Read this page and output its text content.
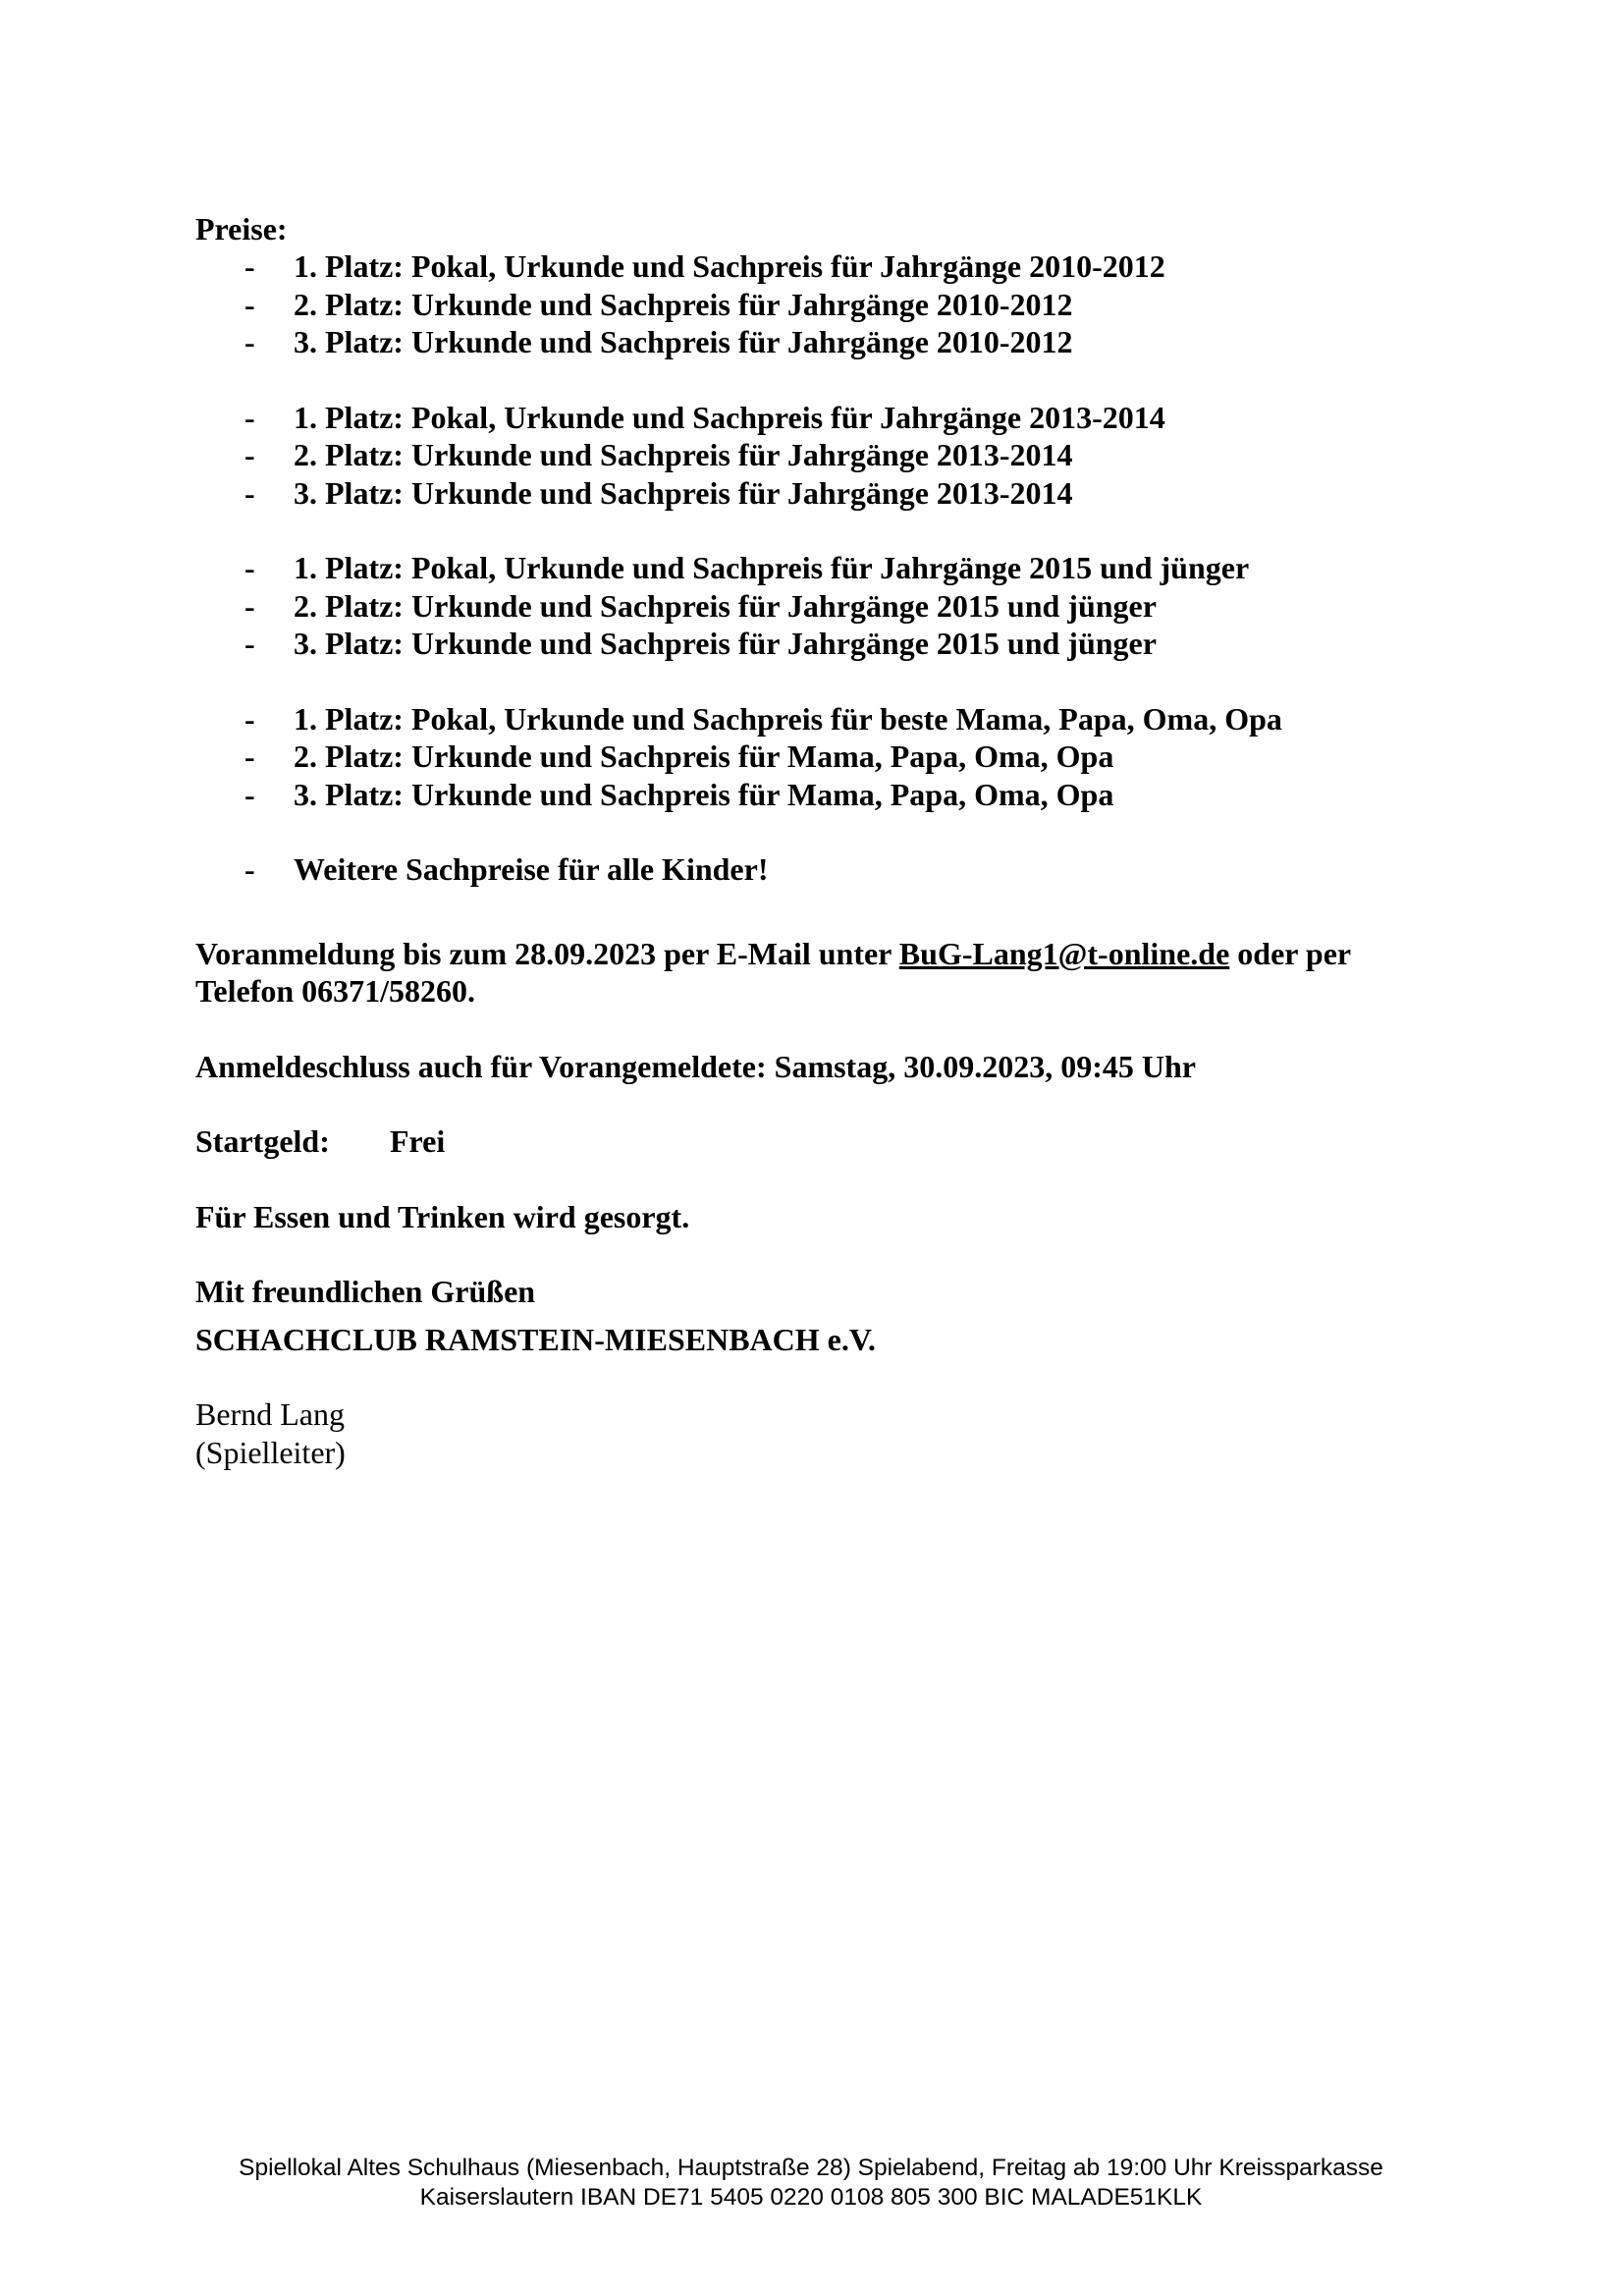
Preise:

-	1. Platz: Pokal, Urkunde und Sachpreis für Jahrgänge 2010-2012
-	2. Platz: Urkunde und Sachpreis für Jahrgänge 2010-2012
-	3. Platz: Urkunde und Sachpreis für Jahrgänge 2010-2012
-	1. Platz: Pokal, Urkunde und Sachpreis für Jahrgänge 2013-2014
-	2. Platz: Urkunde und Sachpreis für Jahrgänge 2013-2014
-	3. Platz: Urkunde und Sachpreis für Jahrgänge 2013-2014
-	1. Platz: Pokal, Urkunde und Sachpreis für Jahrgänge 2015 und jünger
-	2. Platz: Urkunde und Sachpreis für Jahrgänge 2015 und jünger
-	3. Platz: Urkunde und Sachpreis für Jahrgänge 2015 und jünger
-	1. Platz: Pokal, Urkunde und Sachpreis für beste Mama, Papa, Oma, Opa
-	2. Platz: Urkunde und Sachpreis für Mama, Papa, Oma, Opa
-	3. Platz: Urkunde und Sachpreis für Mama, Papa, Oma, Opa
-	Weitere Sachpreise für alle Kinder!

Voranmeldung bis zum 28.09.2023 per E-Mail unter BuG-Lang1@t-online.de oder per
Telefon 06371/58260.

Anmeldeschluss auch für Vorangemeldete: Samstag, 30.09.2023, 09:45 Uhr

Startgeld: Frei

Für Essen und Trinken wird gesorgt.

Mit freundlichen Grüßen

SCHACHCLUB RAMSTEIN-MIESENBACH e.V.

Bernd Lang

(Spielleiter)

Spiellokal Altes Schulhaus (Miesenbach, Hauptstraße 28) Spielabend, Freitag ab 19:00 Uhr Kreissparkasse
Kaiserslautern IBAN DE71 5405 0220 0108 805 300 BIC MALADE51KLK
